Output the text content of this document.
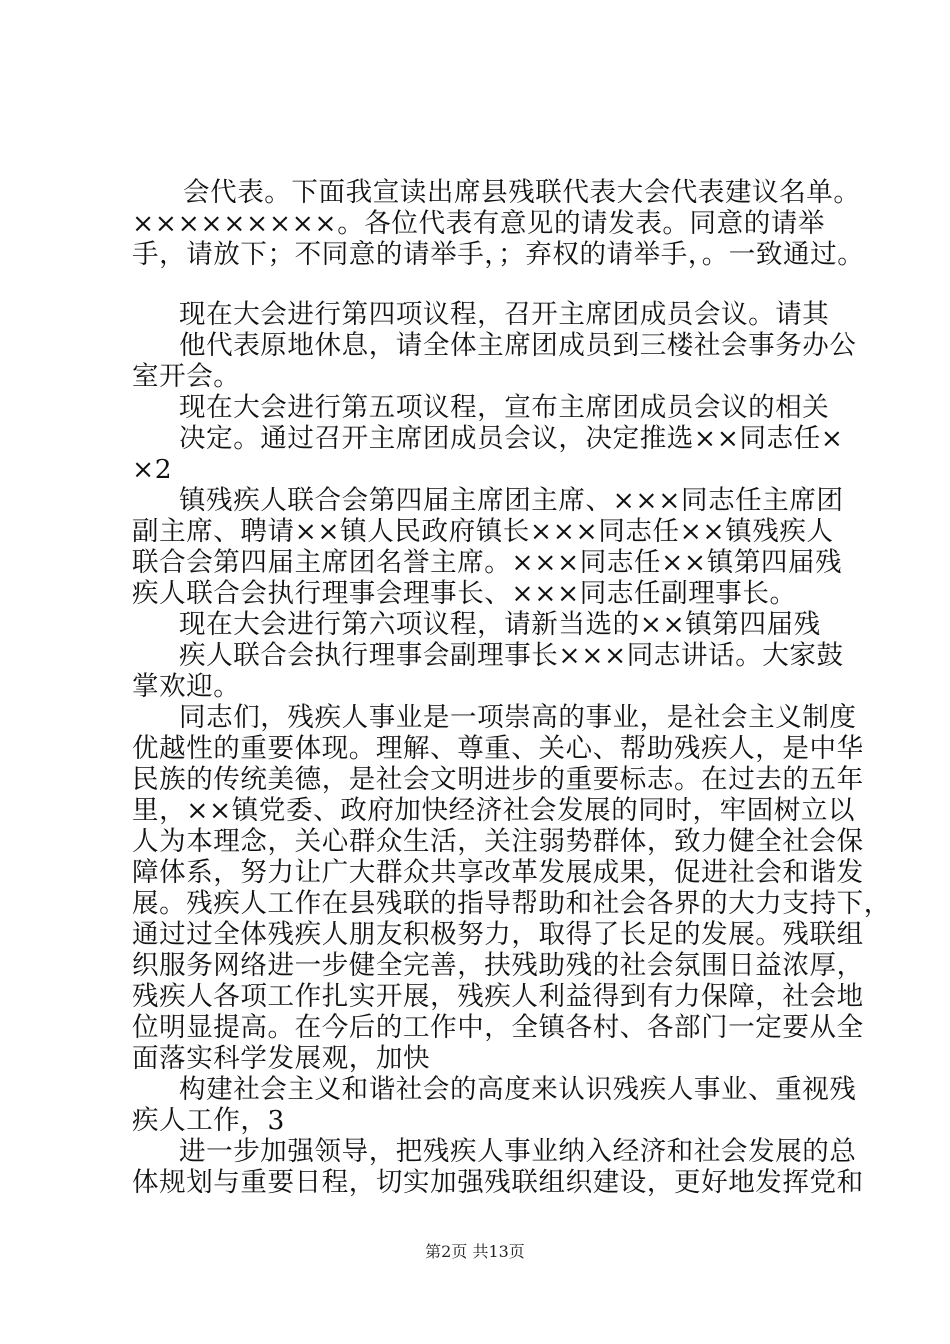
会代表。下面我宣读出席县残联代表大会代表建议名单。
×××××××××。各位代表有意见的请发表。同意的请举
手，请放下；不同意的请举手，；弃权的请举手，。一致通过。
现在大会进行第四项议程，召开主席团成员会议。请其
他代表原地休息，请全体主席团成员到三楼社会事务办公
室开会。
现在大会进行第五项议程，宣布主席团成员会议的相关
决定。通过召开主席团成员会议，决定推选××同志任×
×2
镇残疾人联合会第四届主席团主席、×××同志任主席团
副主席、聘请××镇人民政府镇长×××同志任××镇残疾人
联合会第四届主席团名誉主席。×××同志任××镇第四届残
疾人联合会执行理事会理事长、×××同志任副理事长。
现在大会进行第六项议程，请新当选的××镇第四届残
疾人联合会执行理事会副理事长×××同志讲话。大家鼓
掌欢迎。
同志们，残疾人事业是一项崇高的事业，是社会主义制度
优越性的重要体现。理解、尊重、关心、帮助残疾人，是中华
民族的传统美德，是社会文明进步的重要标志。在过去的五年
里，××镇党委、政府加快经济社会发展的同时，牢固树立以
人为本理念，关心群众生活，关注弱势群体，致力健全社会保
障体系，努力让广大群众共享改革发展成果，促进社会和谐发
展。残疾人工作在县残联的指导帮助和社会各界的大力支持下，
通过过全体残疾人朋友积极努力，取得了长足的发展。残联组
织服务网络进一步健全完善，扶残助残的社会氛围日益浓厚，
残疾人各项工作扎实开展，残疾人利益得到有力保障，社会地
位明显提高。在今后的工作中，全镇各村、各部门一定要从全
面落实科学发展观，加快
构建社会主义和谐社会的高度来认识残疾人事业、重视残
疾人工作，3
进一步加强领导，把残疾人事业纳入经济和社会发展的总
体规划与重要日程，切实加强残联组织建设，更好地发挥党和
第2页 共13页
